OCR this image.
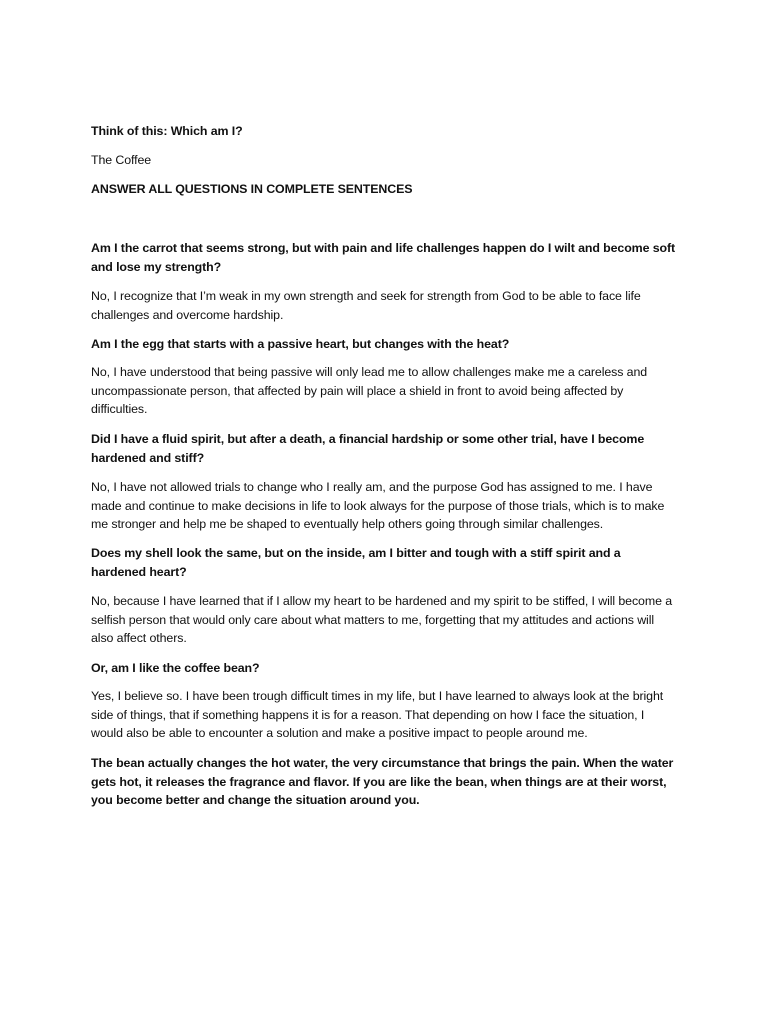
Think of this: Which am I?

The Coffee

ANSWER ALL QUESTIONS IN COMPLETE SENTENCES

Am I the carrot that seems strong, but with pain and life challenges happen do I wilt and become soft and lose my strength?

No, I recognize that I’m weak in my own strength and seek for strength from God to be able to face life challenges and overcome hardship.

Am I the egg that starts with a passive heart, but changes with the heat?

No, I have understood that being passive will only lead me to allow challenges make me a careless and uncompassionate person, that affected by pain will place a shield in front to avoid being affected by difficulties.

Did I have a fluid spirit, but after a death, a financial hardship or some other trial, have I become hardened and stiff?

No, I have not allowed trials to change who I really am, and the purpose God has assigned to me. I have made and continue to make decisions in life to look always for the purpose of those trials, which is to make me stronger and help me be shaped to eventually help others going through similar challenges.

Does my shell look the same, but on the inside, am I bitter and tough with a stiff spirit and a hardened heart?

No, because I have learned that if I allow my heart to be hardened and my spirit to be stiffed, I will become a selfish person that would only care about what matters to me, forgetting that my attitudes and actions will also affect others.

Or, am I like the coffee bean?

Yes, I believe so. I have been trough difficult times in my life, but I have learned to always look at the bright side of things, that if something happens it is for a reason. That depending on how I face the situation, I would also be able to encounter a solution and make a positive impact to people around me.

The bean actually changes the hot water, the very circumstance that brings the pain. When the water gets hot, it releases the fragrance and flavor. If you are like the bean, when things are at their worst, you become better and change the situation around you.
